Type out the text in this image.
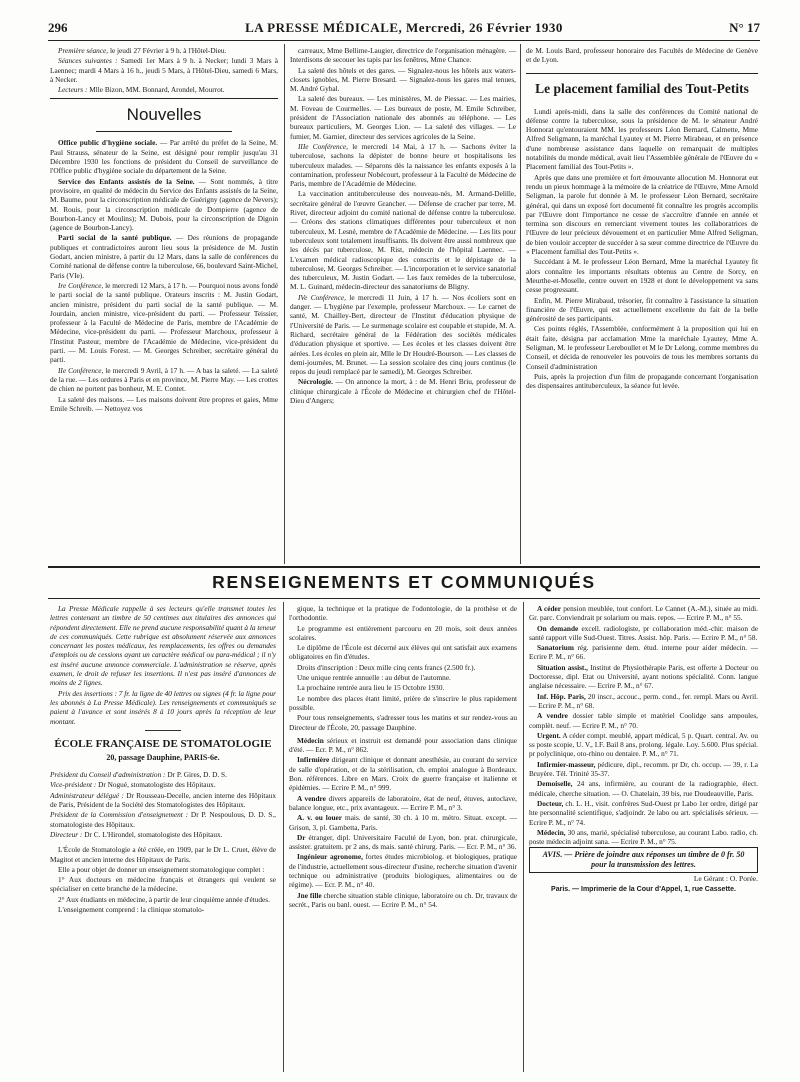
296	LA PRESSE MÉDICALE, Mercredi, 26 Février 1930	N° 17

Première séance, le jeudi 27 Février à 9 h. à l'Hôtel-Dieu.

Séances suivantes : Samedi 1er Mars à 9 h. à Necker; lundi 3 Mars à Laennec; mardi 4 Mars à 16 h., jeudi 5 Mars, à l'Hôtel-Dieu, samedi 6 Mars, à Necker.

Lecteurs : Mlle Bizon, MM. Bonnard, Arondel, Mourrot.

Nouvelles

Office public d'hygiène sociale. — Par arrêté du préfet de la Seine, M. Paul Strauss, sénateur de la Seine, est désigné pour remplir jusqu'au 31 Décembre 1930 les fonctions de président du Conseil de surveillance de l'Office public d'hygiène sociale du département de la Seine.

Service des Enfants assistés de la Seine. — Sont nommés, à titre provisoire, en qualité de médecin du Service des Enfants assistés de la Seine, M. Baume, pour la circonscription médicale de Guérigny (agence de Nevers); M. Rouis, pour la circonscription médicale de Dompierre (agence de Bourbon-Lancy et Moulins); M. Dubois, pour la circonscription de Digoin (agence de Bourbon-Lancy).

Parti social de la santé publique. — Des réunions de propagande publiques et contradictoires auront lieu sous la présidence de M. Justin Godart, ancien ministre, à partir du 12 Mars, dans la salle de conférences du Comité national de défense contre la tuberculose, 66, boulevard Saint-Michel, Paris (VIe).

Ire Conférence, le mercredi 12 Mars, à 17 h. — Pourquoi nous avons fondé le parti social de la santé publique. Orateurs inscrits : M. Justin Godart, ancien ministre, président du parti social de la santé publique. — M. Jourdain, ancien ministre, vice-président du parti. — Professeur Teissier, professeur à la Faculté de Médecine de Paris, membre de l'Académie de Médecine, vice-président du parti. — Professeur Marchoux, professeur à l'Institut Pasteur, membre de l'Académie de Médecine, vice-président du parti. — M. Louis Forest. — M. Georges Schreiber, secrétaire général du parti.

IIe Conférence, le mercredi 9 Avril, à 17 h. — A bas la saleté. — La saleté de la rue. — Les ordures à Paris et en province, M. Pierre May. — Les crottes de chien ne portent pas bonheur, M. E. Contet.

La saleté des maisons. — Les maisons doivent être propres et gaies, Mme Emile Schreib. — Nettoyez vos

carreaux, Mme Bellime-Laugier, directrice de l'organisation ménagère. — Interdisons de secouer les tapis par les fenêtres, Mme Chance.

La saleté des hôtels et des gares. — Signalez-nous les hôtels aux waters-closets ignobles, M. Pierre Bresard. — Signalez-nous les gares mal tenues, M. André Gybal.

La saleté des bureaux. — Les ministères, M. de Piessac. — Les mairies, M. Foveau de Courmelles. — Les bureaux de poste, M. Emile Schreiber, président de l'Association nationale des abonnés au téléphone. — Les bureaux particuliers, M. Georges Lion. — La saleté des villages. — Le fumier, M. Garnier, directeur des services agricoles de la Seine.

IIIe Conférence, le mercredi 14 Mai, à 17 h. — Sachons éviter la tuberculose, sachons la dépister de bonne heure et hospitalisons les tuberculeux malades. — Séparons dès la naissance les enfants exposés à la contamination, professeur Nobécourt, professeur à la Faculté de Médecine de Paris, membre de l'Académie de Médecine.

La vaccination antituberculeuse des nouveau-nés, M. Armand-Delille, secrétaire général de l'œuvre Grancher. — Défense de cracher par terre, M. Rivet, directeur adjoint du comité national de défense contre la tuberculose. — Créons des stations climatiques différentes pour tuberculeux et non tuberculeux, M. Lesné, membre de l'Académie de Médecine. — Les lits pour tuberculeux sont totalement insuffisants. Ils doivent être aussi nombreux que les décès par tuberculose, M. Rist, médecin de l'hôpital Laennec. — L'examen médical radioscopique des conscrits et le dépistage de la tuberculose, M. Georges Schreiber. — L'incorporation et le service sanatorial des tuberculeux, M. Justin Godart. — Les faux remèdes de la tuberculose, M. L. Guinard, médecin-directeur des sanatoriums de Bligny.

IVe Conférence, le mercredi 11 Juin, à 17 h. — Nos écoliers sont en danger. — L'hygiène par l'exemple, professeur Marchoux. — Le carnet de santé, M. Chailley-Bert, directeur de l'Institut d'éducation physique de l'Université de Paris. — Le surmenage scolaire est coupable et stupide, M. A. Richard, secrétaire général de la Fédération des sociétés médicales d'éducation physique et sportive. — Les écoles et les classes doivent être aérées. Les écoles en plein air, Mlle le Dr Houdré-Bourson. — Les classes de demi-journées, M. Brunet. — La session scolaire des cinq jours continus (le repos du jeudi remplacé par le samedi), M. Georges Schreiber.

Nécrologie. — On annonce la mort, à : de M. Henri Briu, professeur de clinique chirurgicale à l'École de Médecine et chirurgien chef de l'Hôtel-Dieu d'Angers;

de M. Louis Bard, professeur honoraire des Facultés de Médecine de Genève et de Lyon.

Le placement familial des Tout-Petits

Lundi après-midi, dans la salle des conférences du Comité national de défense contre la tuberculose, sous la présidence de M. le sénateur André Honnorat qu'entouraient MM. les professeurs Léon Bernard, Calmette, Mme Alfred Seligmann, la maréchal Lyautey et M. Pierre Mirabeau, et en présence d'une nombreuse assistance dans laquelle on remarquait de multiples notabilités du monde médical, avait lieu l'Assemblée générale de l'Œuvre du « Placement familial des Tout-Petits ».

Après que dans une première et fort émouvante allocution M. Honnorat eut rendu un pieux hommage à la mémoire de la créatrice de l'Œuvre, Mme Arnold Seligman, la parole fut donnée à M. le professeur Léon Bernard, secrétaire général, qui dans un exposé fort documenté fit connaître les progrès accomplis par l'Œuvre dont l'importance ne cesse de s'accroître d'année en année et termina son discours en remerciant vivement toutes les collaboratrices de l'Œuvre de leur précieux dévouement et en particulier Mme Alfred Seligman, de bien vouloir accepter de succéder à sa sœur comme directrice de l'Œuvre du « Placement familial des Tout-Petits ».

Succédant à M. le professeur Léon Bernard, Mme la maréchal Lyautey fit alors connaître les importants résultats obtenus au Centre de Sorcy, en Meurthe-et-Moselle, centre ouvert en 1928 et dont le développement va sans cesse progressant.

Enfin, M. Pierre Mirabaud, trésorier, fit connaître à l'assistance la situation financière de l'Œuvre, qui est actuellement excellente du fait de la belle générosité de ses participants.

Ces points réglés, l'Assemblée, conformément à la proposition qui lui en était faite, désigna par acclamation Mme la maréchale Lyautey, Mme A. Seligman, M. le professeur Lereboullet et M le Dr Lelong, comme membres du Conseil, et décida de renouveler les pouvoirs de tous les membres sortants du Conseil d'administration

Puis, après la projection d'un film de propagande concernant l'organisation des dispensaires antituberculeux, la séance fut levée.

RENSEIGNEMENTS ET COMMUNIQUÉS

La Presse Médicale rappelle à ses lecteurs qu'elle transmet toutes les lettres contenant un timbre de 50 centimes aux titulaires des annonces qui répondent directement. Elle ne prend aucune responsabilité quant à la teneur de ces communiqués. Cette rubrique est absolument réservée aux annonces concernant les postes médicaux, les remplacements, les offres ou demandes d'emplois ou de cessions ayant un caractère médical ou para-médical ; il n'y est inséré aucune annonce commerciale. L'administration se réserve, après examen, le droit de refuser les insertions. Il n'est pas inséré d'annonces de moins de 2 lignes.

Prix des insertions : 7 fr. la ligne de 40 lettres ou signes (4 fr. la ligne pour les abonnés à La Presse Médicale). Les renseignements et communiqués se paient à l'avance et sont insérés 8 à 10 jours après la réception de leur montant.

ÉCOLE FRANÇAISE DE STOMATOLOGIE
20, passage Dauphine, PARIS-6e.

Président du Conseil d'administration : Dr P. Gires, D. D. S.

Vice-président : Dr Nogué, stomatologiste des Hôpitaux.

Administrateur délégué : Dr Rousseau-Decelle, ancien interne des Hôpitaux de Paris, Président de la Société des Stomatologistes des Hôpitaux.

Président de la Commission d'enseignement : Dr P. Nespoulous, D. D. S., stomatologiste des Hôpitaux.

Directeur : Dr C. L'Hirondel, stomatologiste des Hôpitaux.

L'École de Stomatologie a été créée, en 1909, par le Dr L. Cruet, élève de Magitot et ancien interne des Hôpitaux de Paris.

Elle a pour objet de donner un enseignement stomatologique complet :

1° Aux docteurs en médecine français et étrangers qui veulent se spécialiser en cette branche de la médecine.

2° Aux étudiants en médecine, à partir de leur cinquième année d'études.

L'enseignement comprend : la clinique stomatolo-

gique, la technique et la pratique de l'odontologie, de la prothèse et de l'orthodontie.

Le programme est entièrement parcouru en 20 mois, soit deux années scolaires.

Le diplôme de l'École est décerné aux élèves qui ont satisfait aux examens obligatoires en fin d'études.

Droits d'inscription : Deux mille cinq cents francs (2.500 fr.).

Une unique rentrée annuelle : au début de l'automne.

La prochaine rentrée aura lieu le 15 Octobre 1930.

Le nombre des places étant limité, prière de s'inscrire le plus rapidement possible.

Pour tous renseignements, s'adresser tous les matins et sur rendez-vous au Directeur de l'École, 20, passage Dauphine.

Médecin sérieux et instruit est demandé pour association dans clinique d'été. — Ecr. P. M., n° 862.

Infirmière dirigeant clinique et donnant anesthésie, au courant du service de salle d'opération, et de la stérilisation, ch. emploi analogue à Bordeaux. Bon. références. Libre en Mars. Croix de guerre française et italienne et épidémies. — Ecrire P. M., n° 999.

A vendre divers appareils de laboratoire, état de neuf, étuves, autoclave, balance longue, etc., prix avantageux. — Ecrire P. M., n° 3.

A. v. ou louer mais. de santé, 30 ch. à 10 m. métro. Situat. except. — Grison, 3, pl. Gambetta, Paris.

Dr étranger, dipl. Universitaire Faculté de Lyon, bon. prat. chirurgicale, assister. gratuitem. pr 2 ans, ds mais. santé chirurg. Paris. — Ecr. P. M., n° 36.

Ingénieur agronome, fortes études microbiolog. et biologiques, pratique de l'industrie, actuellement sous-directeur d'usine, recherche situation d'avenir technique ou administrative (produits biologiques, alimentaires ou de régime). — Ecr. P. M., n° 40.

Jne fille cherche situation stable clinique, laboratoire ou ch. Dr, travaux de secrét., Paris ou banl. ouest. — Ecrire P. M., n° 54.

A céder pension meublée, tout confort. Le Cannet (A.-M.), située au midi. Gr. parc. Conviendrait pr solarium ou mais. repos. — Ecrire P. M., n° 55.

On demande excell. radiologiste, pr collaboration méd.-chir. maison de santé rapport ville Sud-Ouest. Titres. Assist. hôp. Paris. — Ecrire P. M., n° 58.

Sanatorium rég. parisienne dem. étud. interne pour aider médecin. — Ecrire P. M., n° 66.

Situation assist., Institut de Physiothérapie Paris, est offerte à Docteur ou Doctoresse, dipl. Etat ou Université, ayant notions spécialité. Conn. langue anglaise nécessaire. — Ecrire P. M., n° 67.

Inf. Hôp. Paris, 20 inscr., accouc., perm. cond., fer. rempl. Mars ou Avril. — Ecrire P. M., n° 68.

A vendre dossier table simple et matériel Coolidge sans ampoules, complèt. neuf. — Ecrire P. M., n° 70.

Urgent. A céder compt. meublé, appart médical, 5 p. Quart. central. Av. ou ss poste scopie, U. V., I.F. Bail 8 ans, prolong. légale. Loy. 5.600. Plus spécial. pr polyclinique, oto-rhino ou dentaire. P. M., n° 71.

Infirmier-masseur, pédicure, dipl., recomm. pr Dr, ch. occup. — 39, r. La Bruyère. Tél. Trinité 35-37.

Demoiselle, 24 ans, infirmière, au courant de la radiographie, élect. médicale, cherche situation. — O. Chatelain, 39 bis, rue Doudeauville, Paris.

Docteur, ch. L. H., visit. confrères Sud-Ouest pr Labo 1er ordre, dirigé par hte personnalité scientifique, s'adjoindr. 2e labo ou art. spécialisés sérieux. — Ecrire P. M., n° 74.

Médecin, 30 ans, marié, spécialisé tuberculose, au courant Labo. radio, ch. poste médecin adjoint sana. — Ecrire P. M., n° 75.

AVIS. — Prière de joindre aux réponses un timbre de 0 fr. 50 pour la transmission des lettres.

Le Gérant : O. Porée.

Paris. — Imprimerie de la Cour d'Appel, 1, rue Cassette.
